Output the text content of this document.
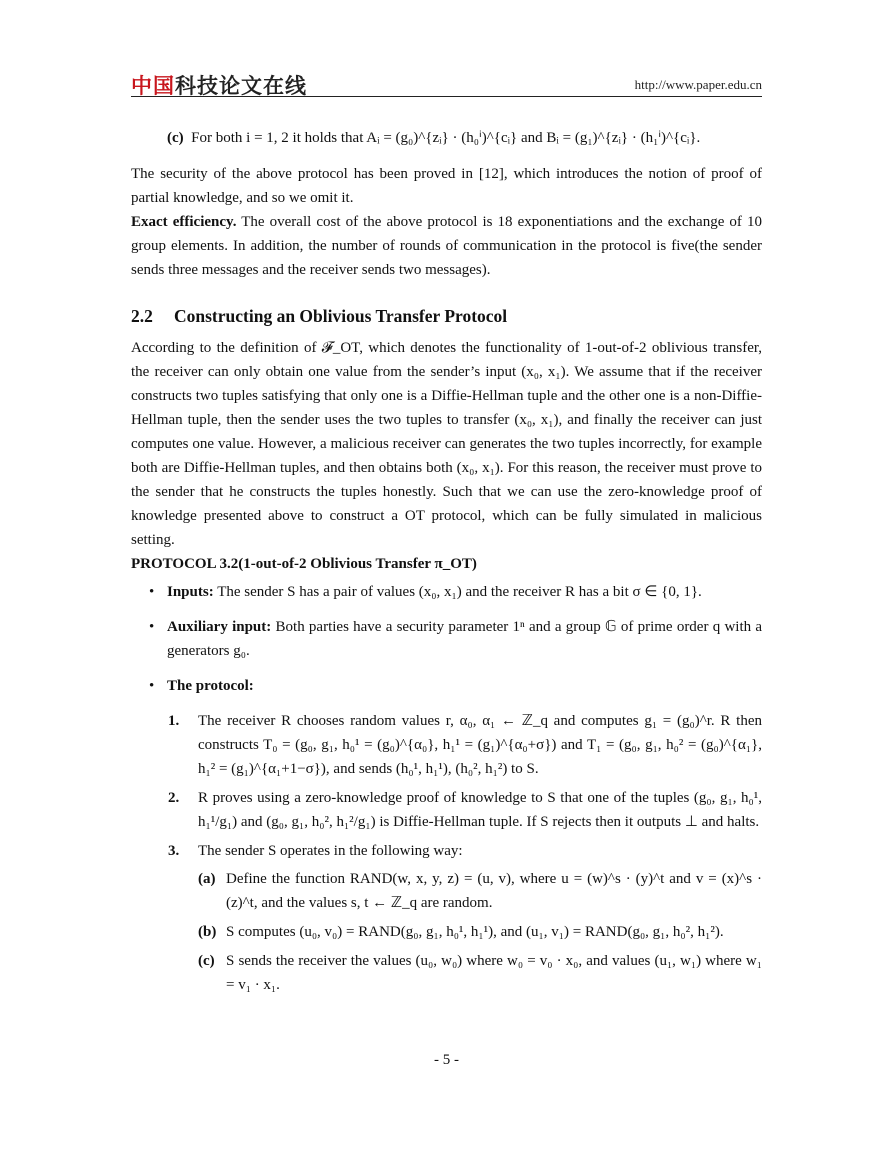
中国科技论文在线	http://www.paper.edu.cn

(c) For both i = 1, 2 it holds that Aᵢ = (g₀)^{zᵢ} · (h₀ⁱ)^{cᵢ} and Bᵢ = (g₁)^{zᵢ} · (h₁ⁱ)^{cᵢ}.

The security of the above protocol has been proved in [12], which introduces the notion of proof of partial knowledge, and so we omit it.

Exact efficiency. The overall cost of the above protocol is 18 exponentiations and the exchange of 10 group elements. In addition, the number of rounds of communication in the protocol is five(the sender sends three messages and the receiver sends two messages).

2.2 Constructing an Oblivious Transfer Protocol

According to the definition of 𝓕_OT, which denotes the functionality of 1-out-of-2 oblivious transfer, the receiver can only obtain one value from the sender’s input (x₀, x₁). We assume that if the receiver constructs two tuples satisfying that only one is a Diffie-Hellman tuple and the other one is a non-Diffie-Hellman tuple, then the sender uses the two tuples to transfer (x₀, x₁), and finally the receiver can just computes one value. However, a malicious receiver can generates the two tuples incorrectly, for example both are Diffie-Hellman tuples, and then obtains both (x₀, x₁). For this reason, the receiver must prove to the sender that he constructs the tuples honestly. Such that we can use the zero-knowledge proof of knowledge presented above to construct a OT protocol, which can be fully simulated in malicious setting.

PROTOCOL 3.2(1-out-of-2 Oblivious Transfer π_OT)

• Inputs: The sender S has a pair of values (x₀, x₁) and the receiver R has a bit σ ∈ {0, 1}.
• Auxiliary input: Both parties have a security parameter 1ⁿ and a group 𝔾 of prime order q with a generators g₀.
• The protocol:
1. The receiver R chooses random values r, α₀, α₁ ← ℤ_q and computes g₁ = (g₀)^r. R then constructs T₀ = (g₀, g₁, h₀¹ = (g₀)^{α₀}, h₁¹ = (g₁)^{α₀+σ}) and T₁ = (g₀, g₁, h₀² = (g₀)^{α₁}, h₁² = (g₁)^{α₁+1−σ}), and sends (h₀¹, h₁¹), (h₀², h₁²) to S.
2. R proves using a zero-knowledge proof of knowledge to S that one of the tuples (g₀, g₁, h₀¹, h₁¹/g₁) and (g₀, g₁, h₀², h₁²/g₁) is Diffie-Hellman tuple. If S rejects then it outputs ⊥ and halts.
3. The sender S operates in the following way:
(a) Define the function RAND(w, x, y, z) = (u, v), where u = (w)^s · (y)^t and v = (x)^s · (z)^t, and the values s, t ← ℤ_q are random.
(b) S computes (u₀, v₀) = RAND(g₀, g₁, h₀¹, h₁¹), and (u₁, v₁) = RAND(g₀, g₁, h₀², h₁²).
(c) S sends the receiver the values (u₀, w₀) where w₀ = v₀ · x₀, and values (u₁, w₁) where w₁ = v₁ · x₁.
- 5 -
